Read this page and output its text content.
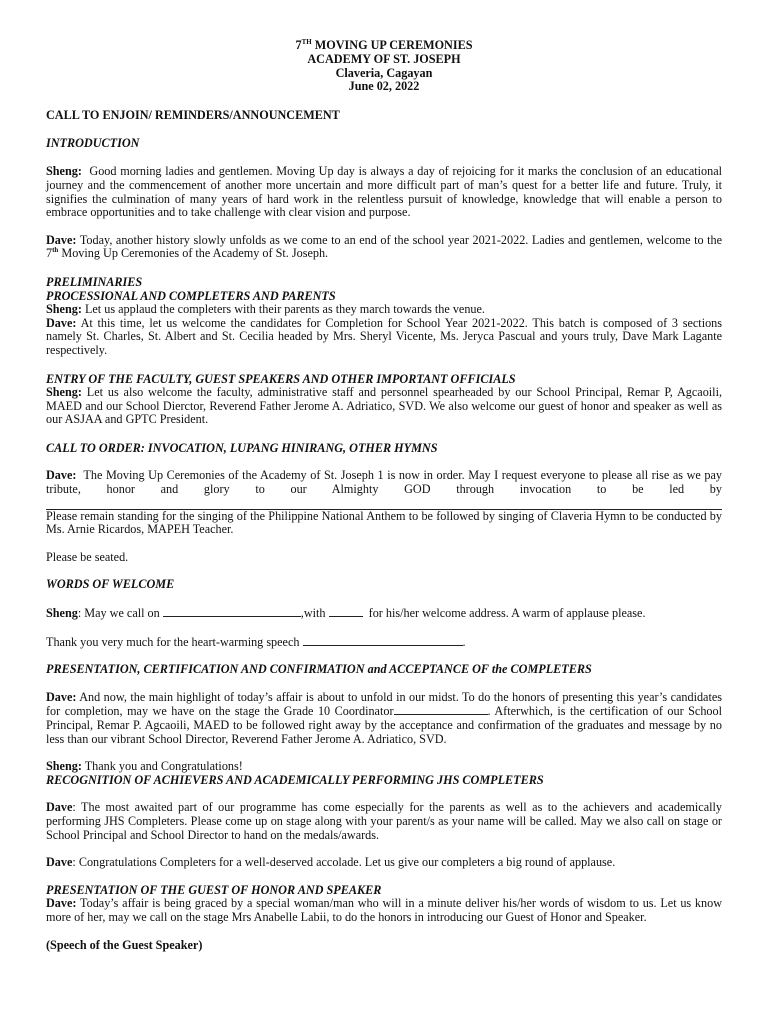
7TH MOVING UP CEREMONIES
ACADEMY OF ST. JOSEPH
Claveria, Cagayan
June 02, 2022
CALL TO ENJOIN/ REMINDERS/ANNOUNCEMENT
INTRODUCTION

Sheng: Good morning ladies and gentlemen. Moving Up day is always a day of rejoicing for it marks the conclusion of an educational journey and the commencement of another more uncertain and more difficult part of man’s quest for a better life and future. Truly, it signifies the culmination of many years of hard work in the relentless pursuit of knowledge, knowledge that will enable a person to embrace opportunities and to take challenge with clear vision and purpose.

Dave: Today, another history slowly unfolds as we come to an end of the school year 2021-2022. Ladies and gentlemen, welcome to the 7th Moving Up Ceremonies of the Academy of St. Joseph.

PRELIMINARIES
PROCESSIONAL AND COMPLETERS AND PARENTS

Sheng: Let us applaud the completers with their parents as they march towards the venue.

Dave: At this time, let us welcome the candidates for Completion for School Year 2021-2022. This batch is composed of 3 sections namely St. Charles, St. Albert and St. Cecilia headed by Mrs. Sheryl Vicente, Ms. Jeryca Pascual and yours truly, Dave Mark Lagante respectively.

ENTRY OF THE FACULTY, GUEST SPEAKERS AND OTHER IMPORTANT OFFICIALS

Sheng: Let us also welcome the faculty, administrative staff and personnel spearheaded by our School Principal, Remar P, Agcaoili, MAED and our School Dierctor, Reverend Father Jerome A. Adriatico, SVD. We also welcome our guest of honor and speaker as well as our ASJAA and GPTC President.

CALL TO ORDER: INVOCATION, LUPANG HINIRANG, OTHER HYMNS

Dave: The Moving Up Ceremonies of the Academy of St. Joseph 1 is now in order. May I request everyone to please all rise as we pay tribute, honor and glory to our Almighty GOD through invocation to be led by

Please remain standing for the singing of the Philippine National Anthem to be followed by singing of Claveria Hymn to be conducted by Ms. Arnie Ricardos, MAPEH Teacher.

Please be seated.

WORDS OF WELCOME

Sheng: May we call on	,with	for his/her welcome address. A warm of applause please.

Thank you very much for the heart-warming speech	.

PRESENTATION, CERTIFICATION AND CONFIRMATION and ACCEPTANCE OF the COMPLETERS

Dave: And now, the main highlight of today’s affair is about to unfold in our midst. To do the honors of presenting this year’s candidates for completion, may we have on the stage the Grade 10 Coordinator	. Afterwhich, is the certification of our School Principal, Remar P. Agcaoili, MAED to be followed right away by the acceptance and confirmation of the graduates and message by no less than our vibrant School Director, Reverend Father Jerome A. Adriatico, SVD.

Sheng: Thank you and Congratulations!

RECOGNITION OF ACHIEVERS AND ACADEMICALLY PERFORMING JHS COMPLETERS

Dave: The most awaited part of our programme has come especially for the parents as well as to the achievers and academically performing JHS Completers. Please come up on stage along with your parent/s as your name will be called. May we also call on stage or School Principal and School Director to hand on the medals/awards.

Dave: Congratulations Completers for a well-deserved accolade. Let us give our completers a big round of applause.

PRESENTATION OF THE GUEST OF HONOR AND SPEAKER

Dave: Today’s affair is being graced by a special woman/man who will in a minute deliver his/her words of wisdom to us. Let us know more of her, may we call on the stage Mrs Anabelle Labii, to do the honors in introducing our Guest of Honor and Speaker.

(Speech of the Guest Speaker)
